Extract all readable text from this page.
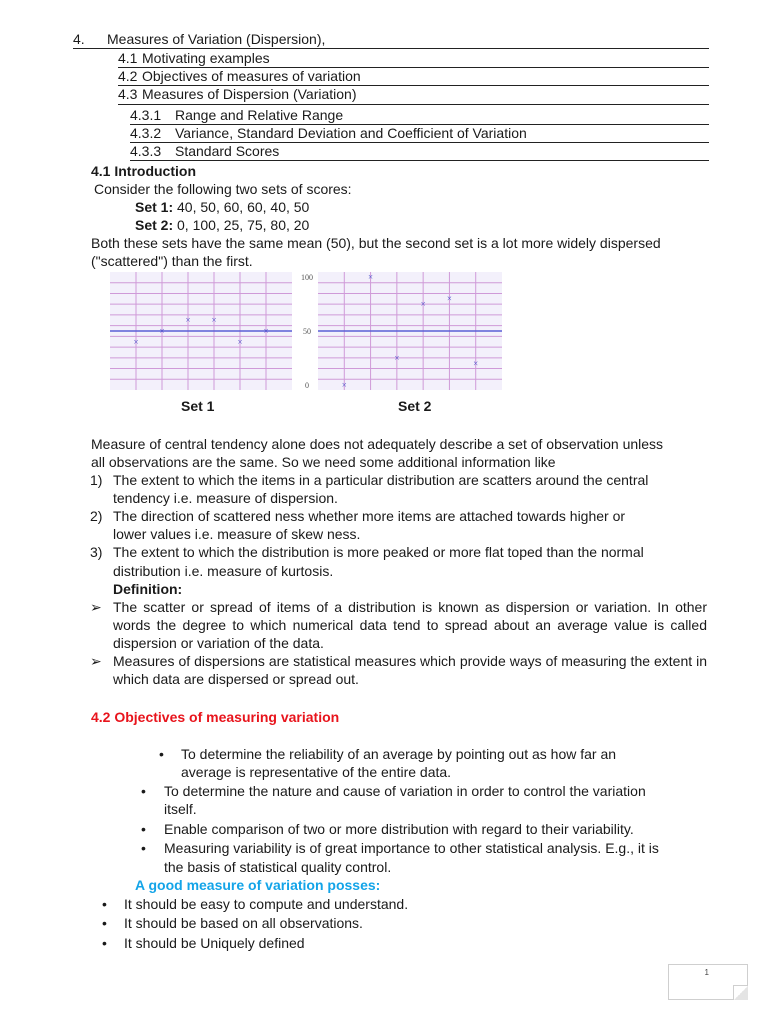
4. Measures of Variation (Dispersion),
4.1 Motivating examples
4.2 Objectives of measures of variation
4.3 Measures of Dispersion (Variation)
4.3.1 Range and Relative Range
4.3.2 Variance, Standard Deviation and Coefficient of Variation
4.3.3 Standard Scores
4.1 Introduction
Consider the following two sets of scores:
Set 1: 40, 50, 60, 60, 40, 50
Set 2: 0, 100, 25, 75, 80, 20
Both these sets have the same mean (50), but the second set is a lot more widely dispersed
("scattered") than the first.
×
×
× ×
×
×
0
50
100
×
×
×
×
×
×
Set 1	Set 2
Measure of central tendency alone does not adequately describe a set of observation unless
all observations are the same. So we need some additional information like
1) The extent to which the items in a particular distribution are scatters around the central
tendency i.e. measure of dispersion.
2) The direction of scattered ness whether more items are attached towards higher or
lower values i.e. measure of skew ness.
3) The extent to which the distribution is more peaked or more flat toped than the normal
distribution i.e. measure of kurtosis.
Definition:
➢ The scatter or spread of items of a distribution is known as dispersion or variation. In other words the degree to which numerical data tend to spread about an average value is called dispersion or variation of the data.
➢ Measures of dispersions are statistical measures which provide ways of measuring the extent in which data are dispersed or spread out.
4.2 Objectives of measuring variation
• To determine the reliability of an average by pointing out as how far an
average is representative of the entire data.
• To determine the nature and cause of variation in order to control the variation
itself.
• Enable comparison of two or more distribution with regard to their variability.
• Measuring variability is of great importance to other statistical analysis. E.g., it is
the basis of statistical quality control.
A good measure of variation posses:
• It should be easy to compute and understand.
• It should be based on all observations.
• It should be Uniquely defined
1
